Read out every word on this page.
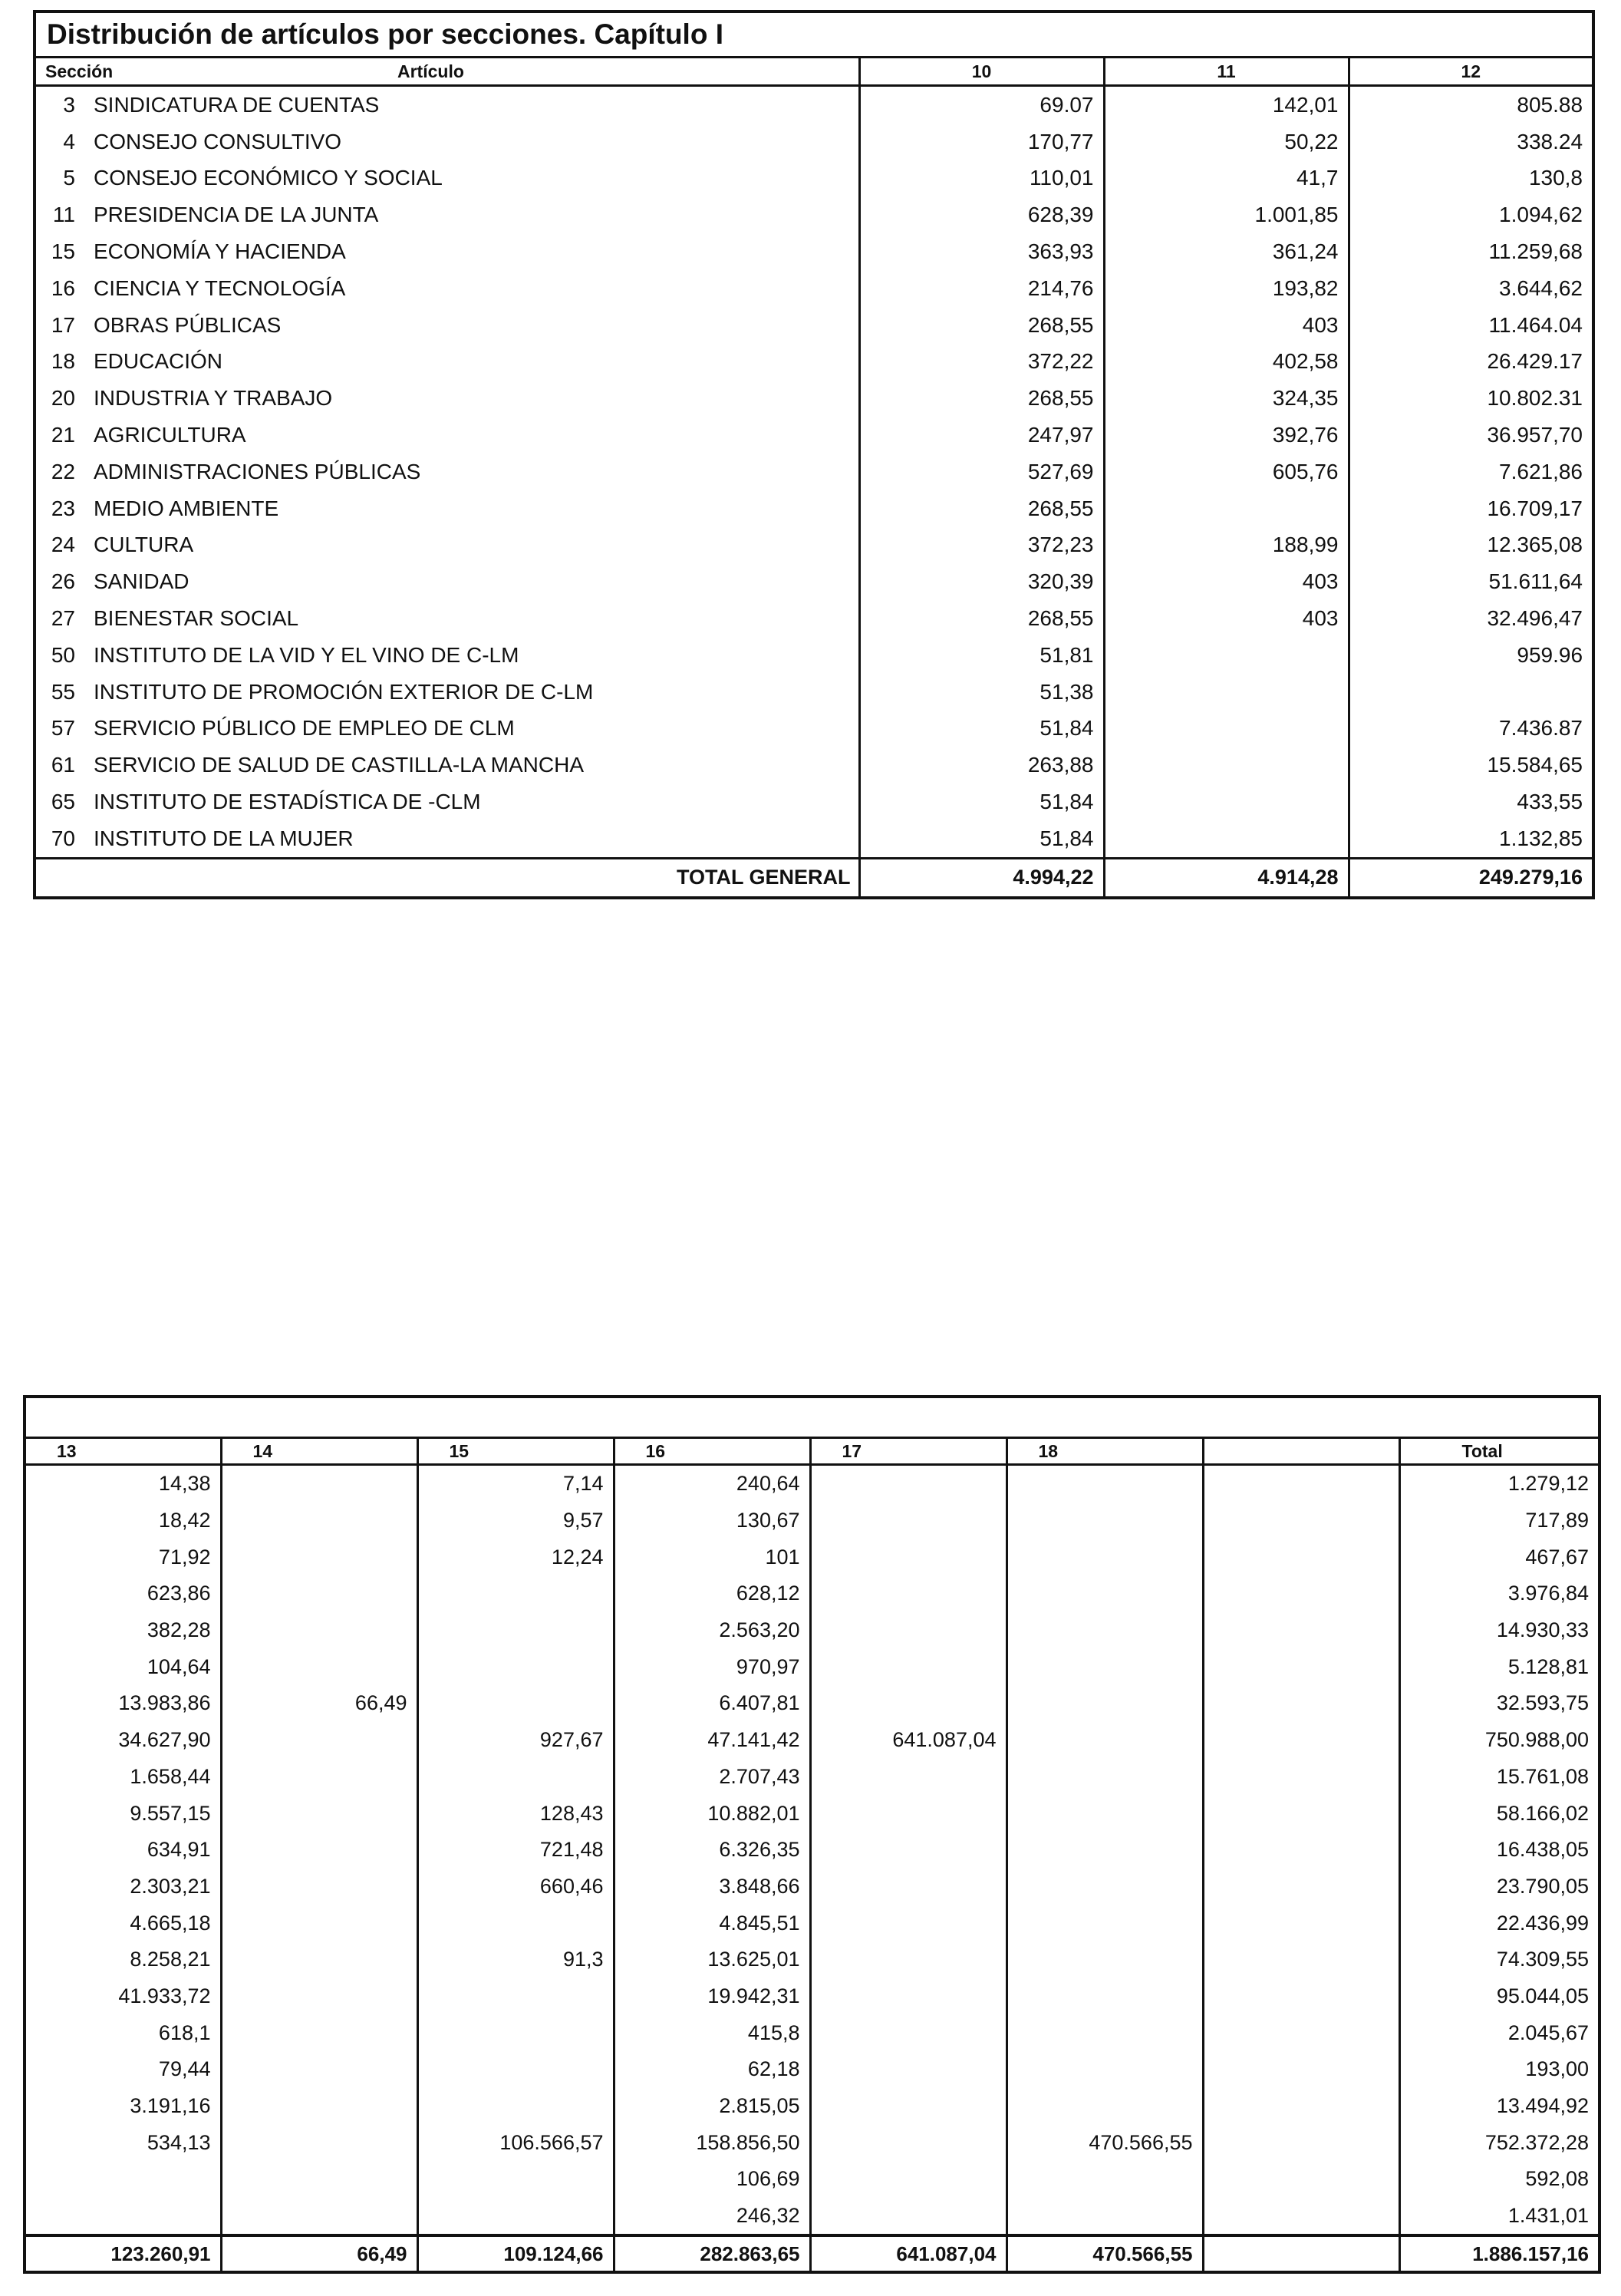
Distribución de artículos por secciones. Capítulo I				
Sección	Artículo	10	11	12
3	SINDICATURA DE CUENTAS	69.07	142,01	805.88
4	CONSEJO CONSULTIVO	170,77	50,22	338.24
5	CONSEJO ECONÓMICO Y SOCIAL	110,01	41,7	130,8
11	PRESIDENCIA DE LA JUNTA	628,39	1.001,85	1.094,62
15	ECONOMÍA Y HACIENDA	363,93	361,24	11.259,68
16	CIENCIA Y TECNOLOGÍA	214,76	193,82	3.644,62
17	OBRAS PÚBLICAS	268,55	403	11.464.04
18	EDUCACIÓN	372,22	402,58	26.429.17
20	INDUSTRIA Y TRABAJO	268,55	324,35	10.802.31
21	AGRICULTURA	247,97	392,76	36.957,70
22	ADMINISTRACIONES PÚBLICAS	527,69	605,76	7.621,86
23	MEDIO AMBIENTE	268,55		16.709,17
24	CULTURA	372,23	188,99	12.365,08
26	SANIDAD	320,39	403	51.611,64
27	BIENESTAR SOCIAL	268,55	403	32.496,47
50	INSTITUTO DE LA VID Y EL VINO DE C-LM	51,81		959.96
55	INSTITUTO DE PROMOCIÓN EXTERIOR DE C-LM	51,38		
57	SERVICIO PÚBLICO DE EMPLEO DE CLM	51,84		7.436.87
61	SERVICIO DE SALUD DE CASTILLA-LA MANCHA	263,88		15.584,65
65	INSTITUTO DE ESTADÍSTICA DE -CLM	51,84		433,55
70	INSTITUTO DE LA MUJER	51,84		1.132,85
TOTAL GENERAL		4.994,22	4.914,28	249.279,16

13	14	15	16	17	18		Total
14,38		7,14	240,64				1.279,12
18,42		9,57	130,67				717,89
71,92		12,24	101				467,67
623,86			628,12				3.976,84
382,28			2.563,20				14.930,33
104,64			970,97				5.128,81
13.983,86	66,49		6.407,81				32.593,75
34.627,90		927,67	47.141,42	641.087,04			750.988,00
1.658,44			2.707,43				15.761,08
9.557,15		128,43	10.882,01				58.166,02
634,91		721,48	6.326,35				16.438,05
2.303,21		660,46	3.848,66				23.790,05
4.665,18			4.845,51				22.436,99
8.258,21		91,3	13.625,01				74.309,55
41.933,72			19.942,31				95.044,05
618,1			415,8				2.045,67
79,44			62,18				193,00
3.191,16			2.815,05				13.494,92
534,13		106.566,57	158.856,50		470.566,55		752.372,28
			106,69				592,08
			246,32				1.431,01
123.260,91	66,49	109.124,66	282.863,65	641.087,04	470.566,55		1.886.157,16
